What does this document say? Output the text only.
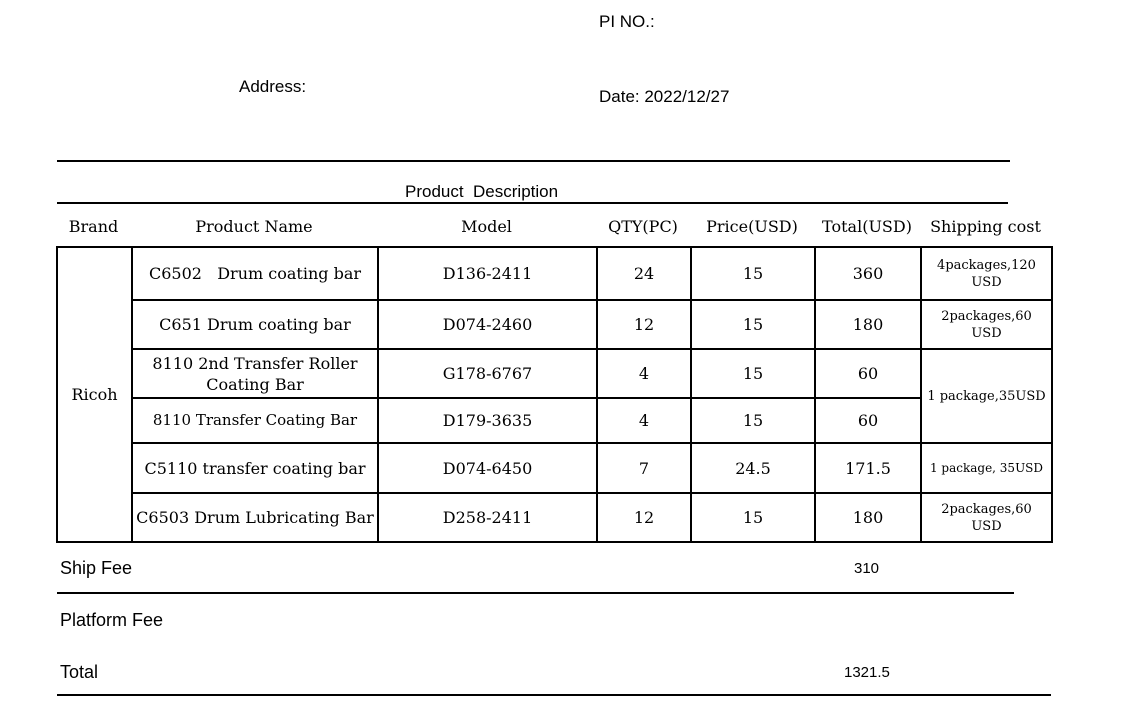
PI NO.:
Address:
Date: 2022/12/27
Product  Description
Brand	Product Name	Model	QTY(PC)	Price(USD)	Total(USD)	Shipping cost
Ricoh	C6502   Drum coating bar	D136-2411	24	15	360	4packages,120 USD
	C651 Drum coating bar	D074-2460	12	15	180	2packages,60 USD
	8110 2nd Transfer Roller Coating Bar	G178-6767	4	15	60	1 package,35USD
	8110 Transfer Coating Bar	D179-3635	4	15	60	
	C5110 transfer coating bar	D074-6450	7	24.5	171.5	1 package, 35USD
	C6503 Drum Lubricating Bar	D258-2411	12	15	180	2packages,60 USD
Ship Fee	310
Platform Fee
Total	1321.5
